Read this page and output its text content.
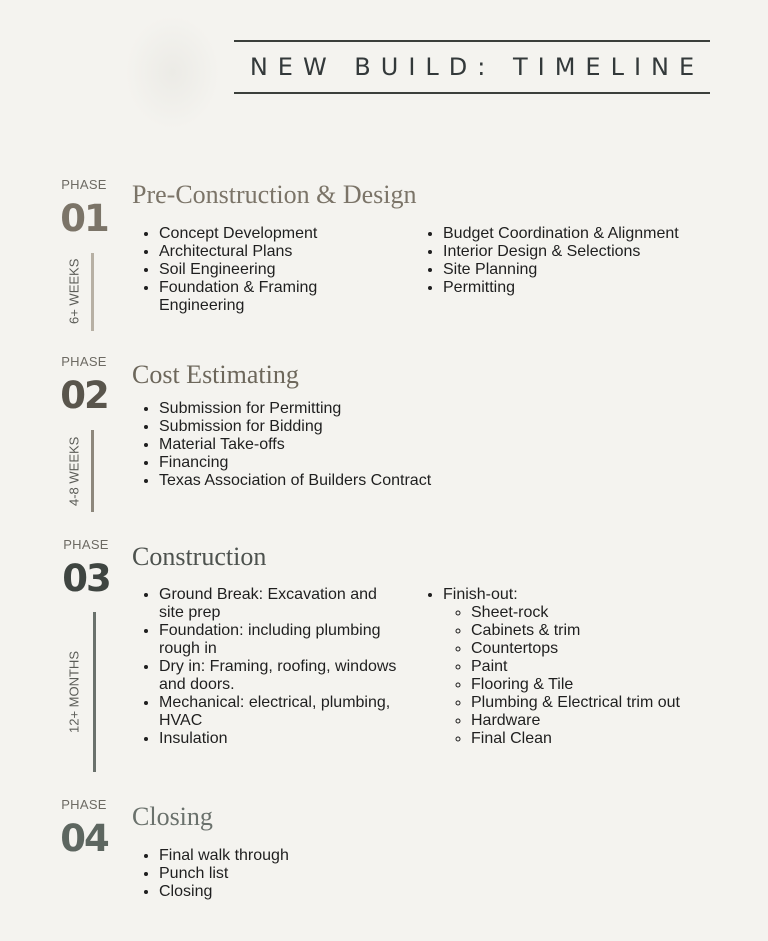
NEW BUILD: TIMELINE
PHASE
01
6+ WEEKS
Pre-Construction & Design
• Concept Development
• Architectural Plans
• Soil Engineering
• Foundation & Framing Engineering
• Budget Coordination & Alignment
• Interior Design & Selections
• Site Planning
• Permitting
PHASE
02
4-8 WEEKS
Cost Estimating
• Submission for Permitting
• Submission for Bidding
• Material Take-offs
• Financing
• Texas Association of Builders Contract
PHASE
03
12+ MONTHS
Construction
• Ground Break: Excavation and site prep
• Foundation: including plumbing rough in
• Dry in: Framing, roofing, windows and doors.
• Mechanical: electrical, plumbing, HVAC
• Insulation
• Finish-out:
◦ Sheet-rock
◦ Cabinets & trim
◦ Countertops
◦ Paint
◦ Flooring & Tile
◦ Plumbing & Electrical trim out
◦ Hardware
◦ Final Clean
PHASE
04
Closing
• Final walk through
• Punch list
• Closing
